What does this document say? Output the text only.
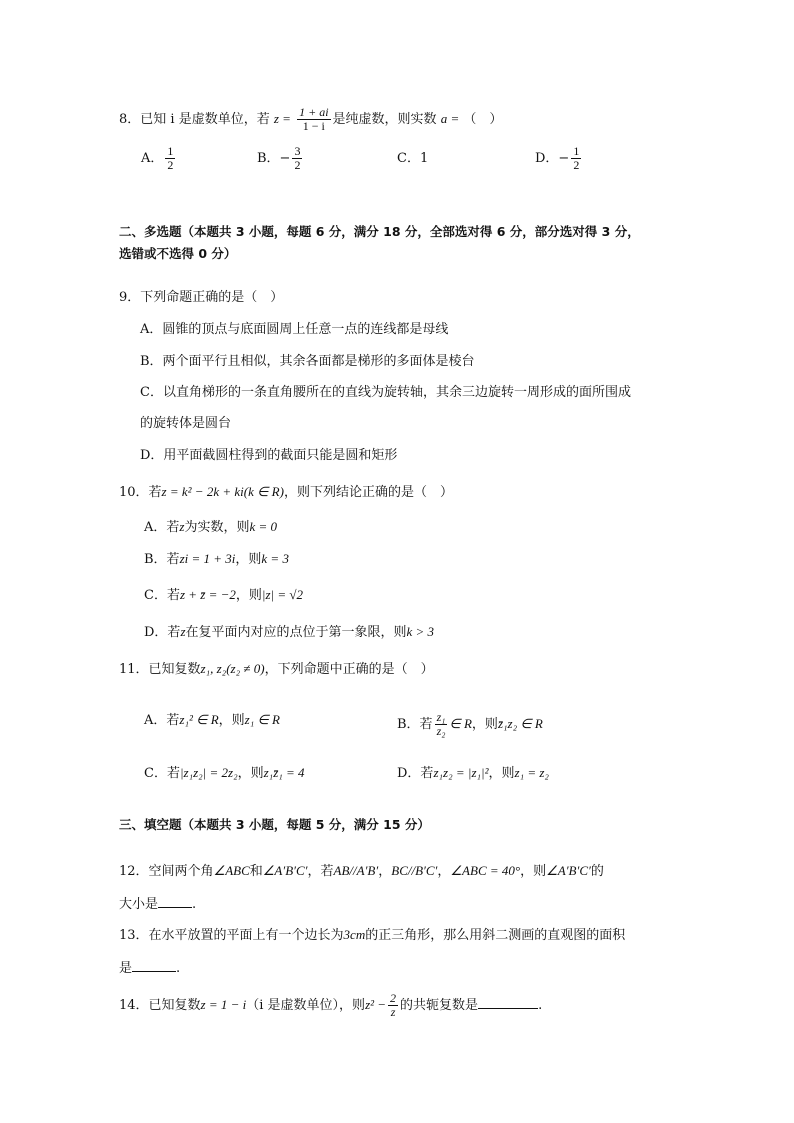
8．已知 i 是虚数单位，若 $z = \frac{1 + ai}{1 - i}$ 是纯虚数，则实数 a = （　）
A． $\frac{1}{2}$	B．− $\frac{3}{2}$	C．1	D．− $\frac{1}{2}$
二、多选题（本题共 3 小题，每题 6 分，满分 18 分，全部选对得 6 分，部分选对得 3 分，
选错或不选得 0 分）
9．下列命题正确的是（　）
A．圆锥的顶点与底面圆周上任意一点的连线都是母线
B．两个面平行且相似，其余各面都是梯形的多面体是棱台
C．以直角梯形的一条直角腰所在的直线为旋转轴，其余三边旋转一周形成的面所围成
的旋转体是圆台
D．用平面截圆柱得到的截面只能是圆和矩形
10．若z = k² − 2k + ki(k ∈ R)，则下列结论正确的是（　）
A．若z为实数，则k = 0
B．若zi = 1 + 3i，则k = 3
C．若z + z̄ = −2，则|z| = √2
D．若z在复平面内对应的点位于第一象限，则k > 3
11．已知复数z₁, z₂(z₂ ≠ 0)，下列命题中正确的是（　）
A．若z₁² ∈ R，则z₁ ∈ R	B．若 $\frac{\text{z₁}}{\text{z₂}}$ ∈ R，则z̄₁z₂ ∈ R
C．若|z₁z₂| = 2z₂，则z₁z̄₁ = 4	D．若z₁z₂ = |z₁|²，则z₁ = z₂
三、填空题（本题共 3 小题，每题 5 分，满分 15 分）
12．空间两个角∠ABC和∠A′B′C′，若AB//A′B′，BC//B′C′，∠ABC = 40°，则∠A′B′C′的
大小是	.
13．在水平放置的平面上有一个边长为3cm的正三角形，那么用斜二测画的直观图的面积
是	.
14．已知复数z = 1 − i（i 是虚数单位），则$z^2 - \frac{2}{z}$ 的共轭复数是	.
